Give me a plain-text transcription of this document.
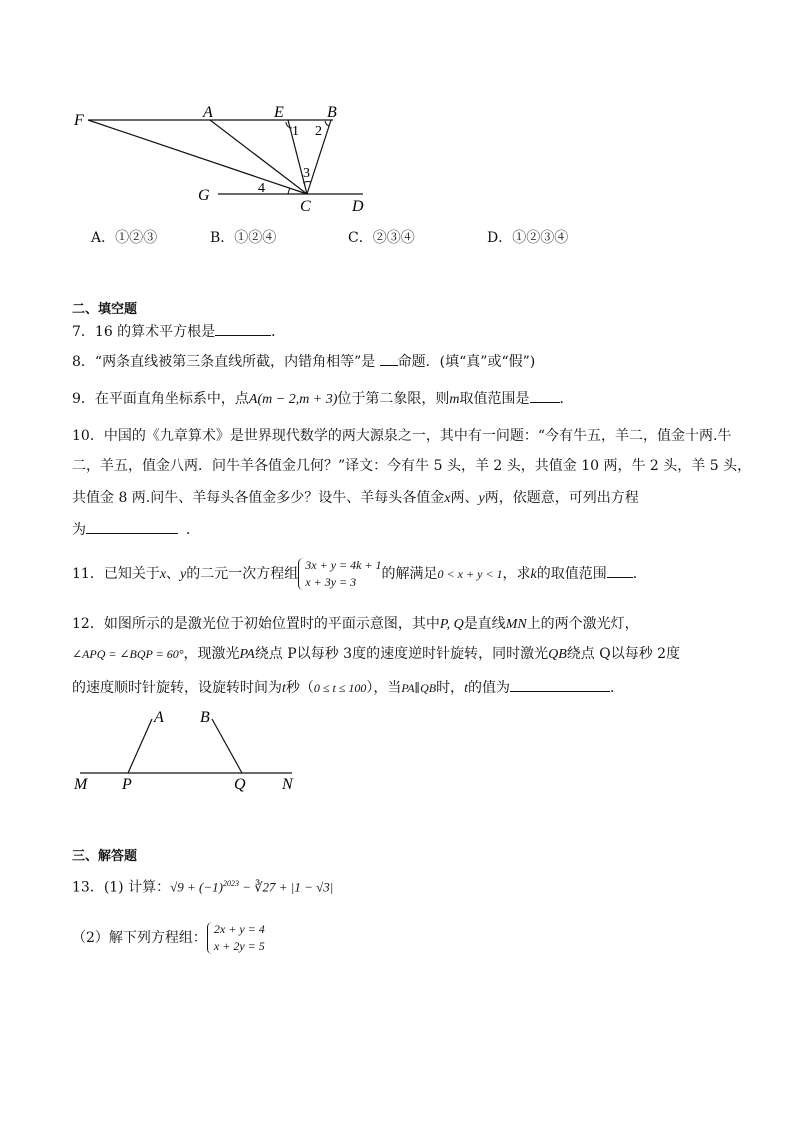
F	A	E	B
1 2
3
4
G
C	D
A．①②③	B．①②④	C．②③④	D．①②③④
二、填空题
7．16 的算术平方根是	．
8．“两条直线被第三条直线所截，内错角相等”是 命题．(填“真”或“假”)
9．在平面直角坐标系中，点A(m − 2,m + 3)位于第二象限，则m取值范围是 ．
10．中国的《九章算术》是世界现代数学的两大源泉之一，其中有一问题：“今有牛五，羊二，值金十两.牛
二，羊五，值金八两．问牛羊各值金几何？”译文：今有牛 5 头，羊 2 头，共值金 10 两，牛 2 头，羊 5 头，
共值金 8 两.问牛、羊每头各值金多少？设牛、羊每头各值金x两、y两，依题意，可列出方程
为	．
11．已知关于x、y的二元一次方程组
3x + y = 4k + 1
x + 3y = 3	的解满足0 < x + y < 1，求k的取值范围 ．
12．如图所示的是激光位于初始位置时的平面示意图，其中P, Q是直线MN上的两个激光灯，
∠APQ = ∠BQP = 60°，现激光PA绕点 P以每秒 3度的速度逆时针旋转，同时激光QB绕点 Q以每秒 2度
的速度顺时针旋转，设旋转时间为t秒（0 ≤ t ≤ 100），当PA∥QB时，t的值为	．
A B
M P	Q N
三、解答题
13．(1) 计算：$√9 + (-1)^{2023}$ − ∛27 + |1 − √3|
（2）解下列方程组：
2x + y = 4
x + 2y = 5
